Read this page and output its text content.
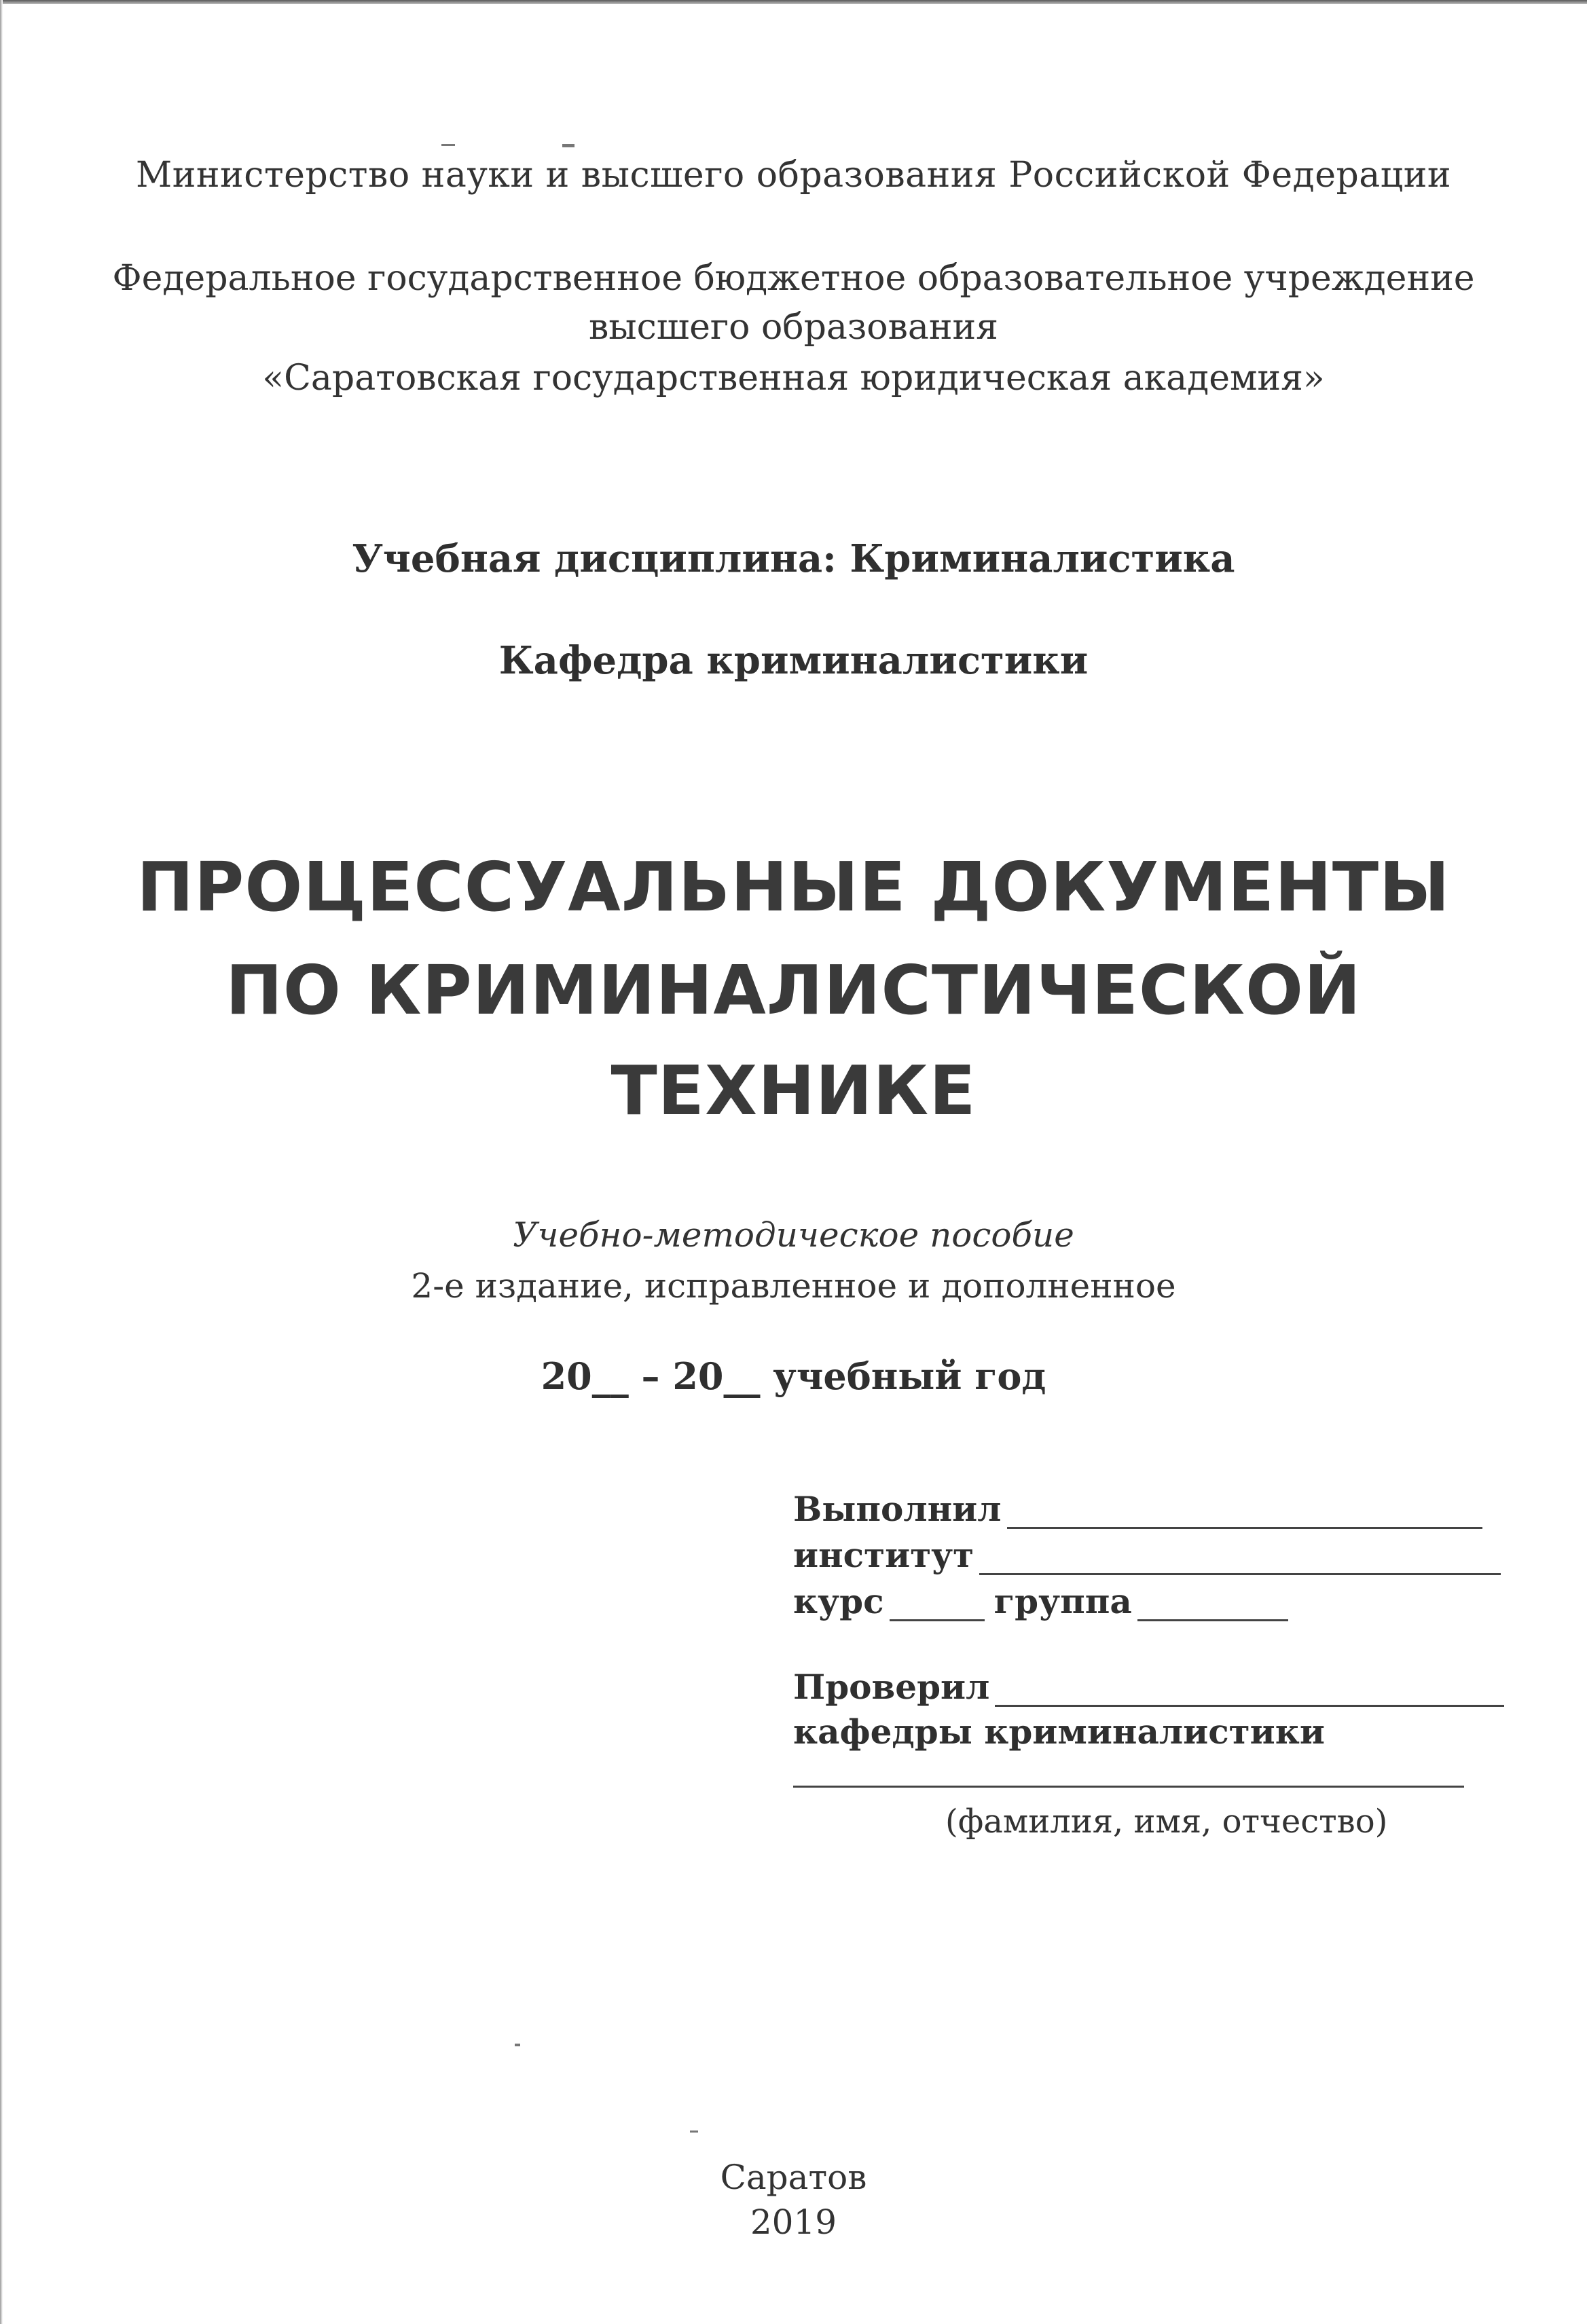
Министерство науки и высшего образования Российской Федерации
Федеральное государственное бюджетное образовательное учреждение
высшего образования
«Саратовская государственная юридическая академия»
Учебная дисциплина: Криминалистика
Кафедра криминалистики
ПРОЦЕССУАЛЬНЫЕ ДОКУМЕНТЫ
ПО КРИМИНАЛИСТИЧЕСКОЙ
ТЕХНИКЕ
Учебно-методическое пособие
2-е издание, исправленное и дополненное
20__ – 20__ учебный год
Выполнил
институт
курс	группа
Проверил
кафедры криминалистики
(фамилия, имя, отчество)
Саратов
2019
